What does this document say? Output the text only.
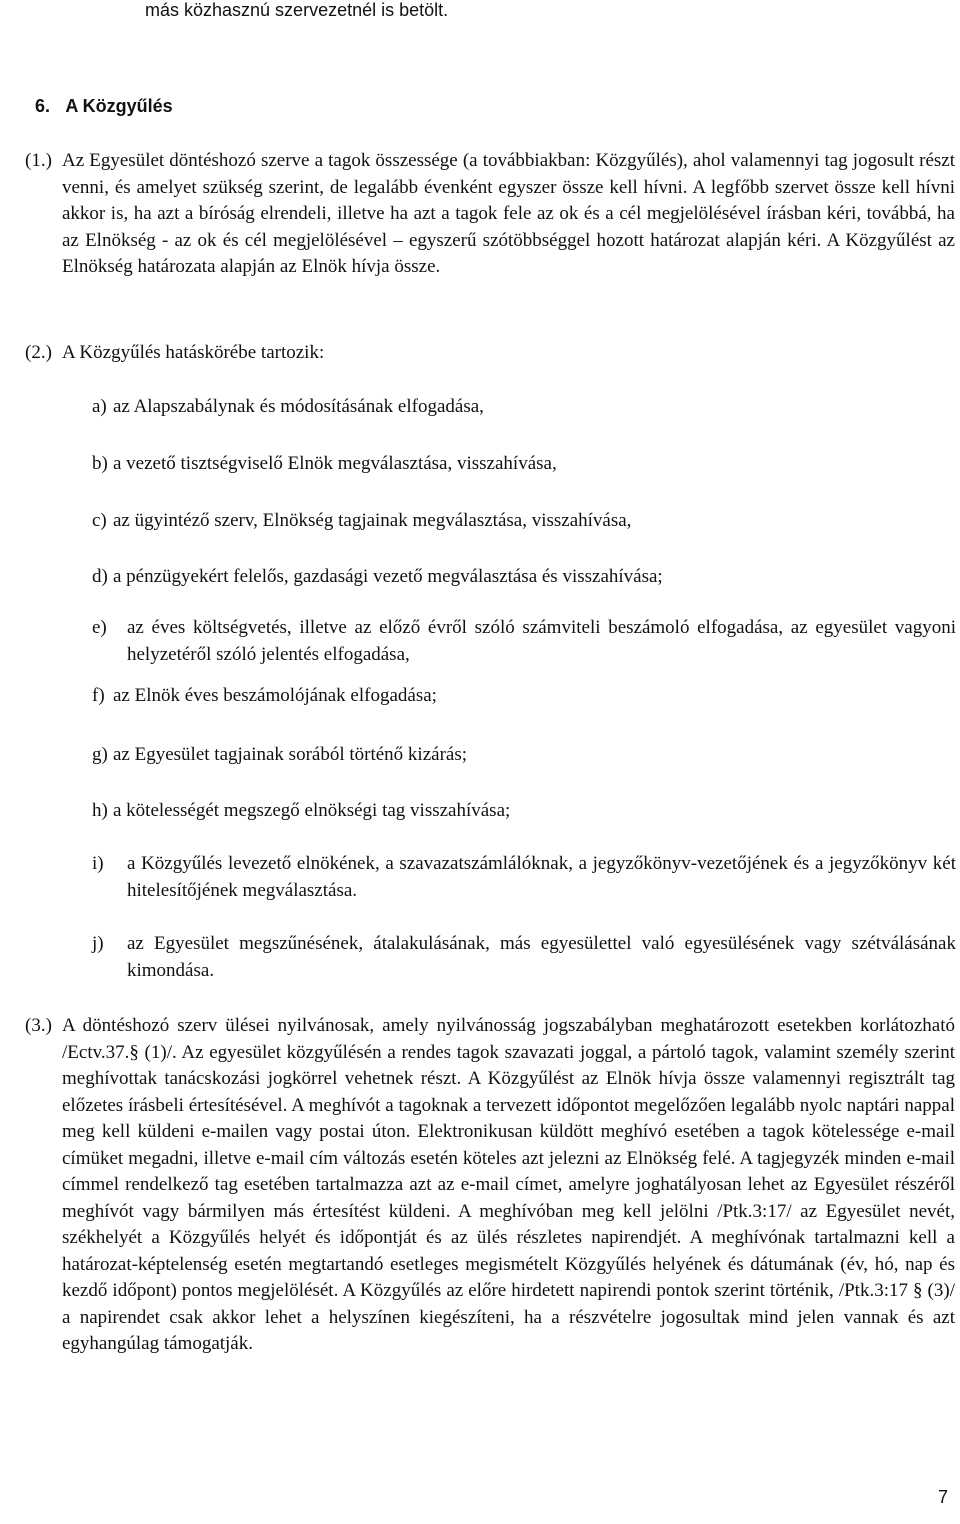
más közhasznú szervezetnél is betölt.
6. A Közgyűlés
(1.) Az Egyesület döntéshozó szerve a tagok összessége (a továbbiakban: Közgyűlés), ahol valamennyi tag jogosult részt venni, és amelyet szükség szerint, de legalább évenként egyszer össze kell hívni. A legfőbb szervet össze kell hívni akkor is, ha azt a bíróság elrendeli, illetve ha azt a tagok fele az ok és a cél megjelölésével írásban kéri, továbbá, ha az Elnökség - az ok és cél megjelölésével – egyszerű szótöbbséggel hozott határozat alapján kéri. A Közgyűlést az Elnökség határozata alapján az Elnök hívja össze.
(2.) A Közgyűlés hatáskörébe tartozik:
a) az Alapszabálynak és módosításának elfogadása,
b) a vezető tisztségviselő Elnök megválasztása, visszahívása,
c) az ügyintéző szerv, Elnökség tagjainak megválasztása, visszahívása,
d) a pénzügyekért felelős, gazdasági vezető megválasztása és visszahívása;
e) az éves költségvetés, illetve az előző évről szóló számviteli beszámoló elfogadása, az egyesület vagyoni helyzetéről szóló jelentés elfogadása,
f) az Elnök éves beszámolójának elfogadása;
g) az Egyesület tagjainak sorából történő kizárás;
h) a kötelességét megszegő elnökségi tag visszahívása;
i) a Közgyűlés levezető elnökének, a szavazatszámlálóknak, a jegyzőkönyv-vezetőjének és a jegyzőkönyv két hitelesítőjének megválasztása.
j) az Egyesület megszűnésének, átalakulásának, más egyesülettel való egyesülésének vagy szétválásának kimondása.
(3.) A döntéshozó szerv ülései nyilvánosak, amely nyilvánosság jogszabályban meghatározott esetekben korlátozható /Ectv.37.§ (1)/. Az egyesület közgyűlésén a rendes tagok szavazati joggal, a pártoló tagok, valamint személy szerint meghívottak tanácskozási jogkörrel vehetnek részt. A Közgyűlést az Elnök hívja össze valamennyi regisztrált tag előzetes írásbeli értesítésével. A meghívót a tagoknak a tervezett időpontot megelőzően legalább nyolc naptári nappal meg kell küldeni e-mailen vagy postai úton. Elektronikusan küldött meghívó esetében a tagok kötelessége e-mail címüket megadni, illetve e-mail cím változás esetén köteles azt jelezni az Elnökség felé. A tagjegyzék minden e-mail címmel rendelkező tag esetében tartalmazza azt az e-mail címet, amelyre joghatályosan lehet az Egyesület részéről meghívót vagy bármilyen más értesítést küldeni. A meghívóban meg kell jelölni /Ptk.3:17/ az Egyesület nevét, székhelyét a Közgyűlés helyét és időpontját és az ülés részletes napirendjét. A meghívónak tartalmazni kell a határozat-képtelenség esetén megtartandó esetleges megismételt Közgyűlés helyének és dátumának (év, hó, nap és kezdő időpont) pontos megjelölését. A Közgyűlés az előre hirdetett napirendi pontok szerint történik, /Ptk.3:17 § (3)/ a napirendet csak akkor lehet a helyszínen kiegészíteni, ha a részvételre jogosultak mind jelen vannak és azt egyhangúlag támogatják.
7
